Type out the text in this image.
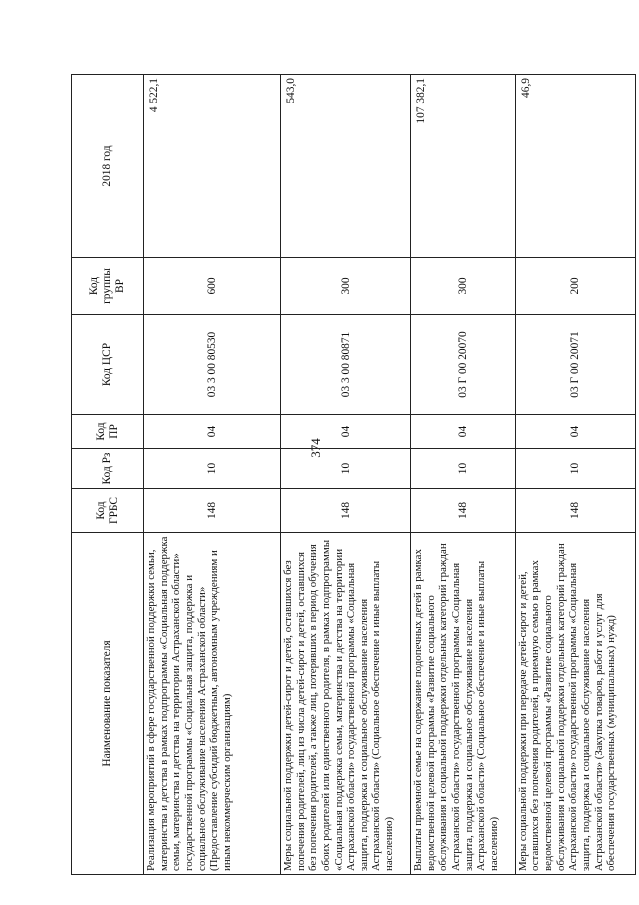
374
Наименование показателя	Код ГРБС	Код Рз	Код ПР	Код ЦСР	Код группы ВР	2018 год
Реализация мероприятий в сфере государственной поддержки семьи, материнства и детства в рамках подпрограммы «Социальная поддержка семьи, материнства и детства на территории Астраханской области» государственной программы «Социальная защита, поддержка и социальное обслуживание населения Астраханской области» (Предоставление субсидий бюджетным, автономным учреждениям и иным некоммерческим организациям)	148	10	04	03 3 00 80530	600	4 522,1
Меры социальной поддержки детей-сирот и детей, оставшихся без попечения родителей, лиц из числа детей-сирот и детей, оставшихся без попечения родителей, а также лиц, потерявших в период обучения обоих родителей или единственного родителя, в рамках подпрограммы «Социальная поддержка семьи, материнства и детства на территории Астраханской области» государственной программы «Социальная защита, поддержка и социальное обслуживание населения Астраханской области» (Социальное обеспечение и иные выплаты населению)	148	10	04	03 3 00 80871	300	543,0
Выплаты приемной семье на содержание подопечных детей в рамках ведомственной целевой программы «Развитие социального обслуживания и социальной поддержки отдельных категорий граждан Астраханской области» государственной программы «Социальная защита, поддержка и социальное обслуживание населения Астраханской области» (Социальное обеспечение и иные выплаты населению)	148	10	04	03 Г 00 20070	300	107 382,1
Меры социальной поддержки при передаче детей-сирот и детей, оставшихся без попечения родителей, в приемную семью в рамках ведомственной целевой программы «Развитие социального обслуживания и социальной поддержки отдельных категорий граждан Астраханской области» государственной программы «Социальная защита, поддержка и социальное обслуживание населения Астраханской области» (Закупка товаров, работ и услуг для обеспечения государственных (муниципальных) нужд)	148	10	04	03 Г 00 20071	200	46,9
